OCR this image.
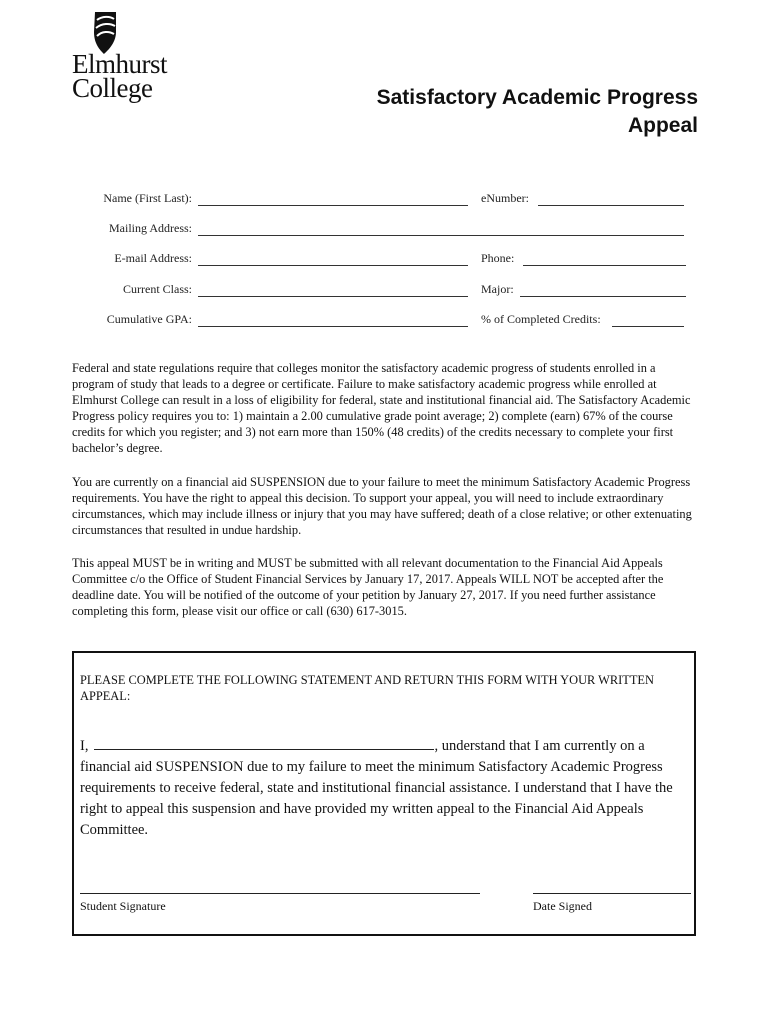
Elmhurst
College	Satisfactory Academic Progress
Appeal
Name (First Last):	eNumber:
Mailing Address:
E-mail Address:	Phone:
Current Class:	Major:
Cumulative GPA:	% of Completed Credits:
Federal and state regulations require that colleges monitor the satisfactory academic progress of students enrolled in a program of study that leads to a degree or certificate. Failure to make satisfactory academic progress while enrolled at Elmhurst College can result in a loss of eligibility for federal, state and institutional financial aid. The Satisfactory Academic Progress policy requires you to: 1) maintain a 2.00 cumulative grade point average; 2) complete (earn) 67% of the course credits for which you register; and 3) not earn more than 150% (48 credits) of the credits necessary to complete your first bachelor’s degree.
You are currently on a financial aid SUSPENSION due to your failure to meet the minimum Satisfactory Academic Progress requirements. You have the right to appeal this decision. To support your appeal, you will need to include extraordinary circumstances, which may include illness or injury that you may have suffered; death of a close relative; or other extenuating circumstances that resulted in undue hardship.
This appeal MUST be in writing and MUST be submitted with all relevant documentation to the Financial Aid Appeals Committee c/o the Office of Student Financial Services by January 17, 2017. Appeals WILL NOT be accepted after the deadline date. You will be notified of the outcome of your petition by January 27, 2017. If you need further assistance completing this form, please visit our office or call (630) 617-3015.
PLEASE COMPLETE THE FOLLOWING STATEMENT AND RETURN THIS FORM WITH YOUR WRITTEN APPEAL:
I,	, understand that I am currently on a financial aid SUSPENSION due to my failure to meet the minimum Satisfactory Academic Progress requirements to receive federal, state and institutional financial assistance. I understand that I have the right to appeal this suspension and have provided my written appeal to the Financial Aid Appeals Committee.
Student Signature	Date Signed
